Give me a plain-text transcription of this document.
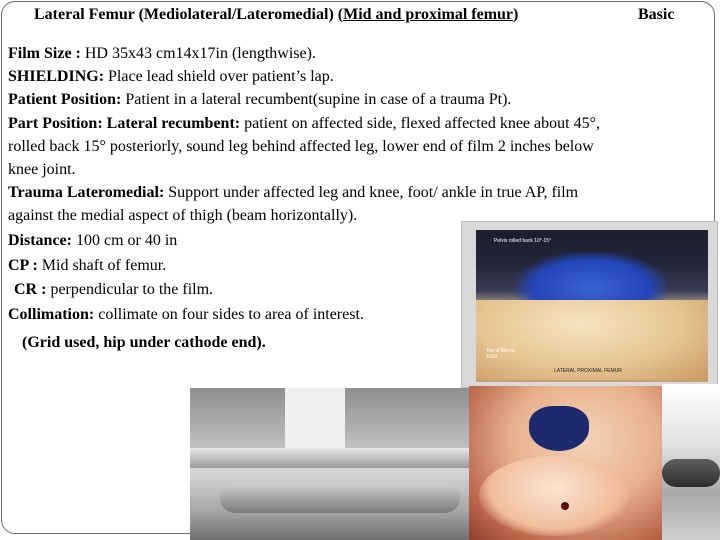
Lateral Femur (Mediolateral/Lateromedial) (Mid and proximal femur)	Basic

Film Size : HD 35x43 cm14x17in (lengthwise).

SHIELDING: Place lead shield over patient’s lap.

Patient Position: Patient in a lateral recumbent(supine in case of a trauma Pt).

Part Position: Lateral recumbent: patient on affected side, flexed affected knee about 45°, rolled back 15° posteriorly, sound leg behind affected leg, lower end of film 2 inches below knee joint.

Trauma Lateromedial: Support under affected leg and knee, foot/ ankle in true AP, film against the medial aspect of thigh (beam horizontally).

Distance: 100 cm or 40 in

CP : Mid shaft of femur.

CR : perpendicular to the film.

Collimation: collimate on four sides to area of interest.

(Grid used, hip under cathode end).

Pelvis rolled back 10°-15°
Top of film to ASIS
LATERAL PROXIMAL FEMUR
